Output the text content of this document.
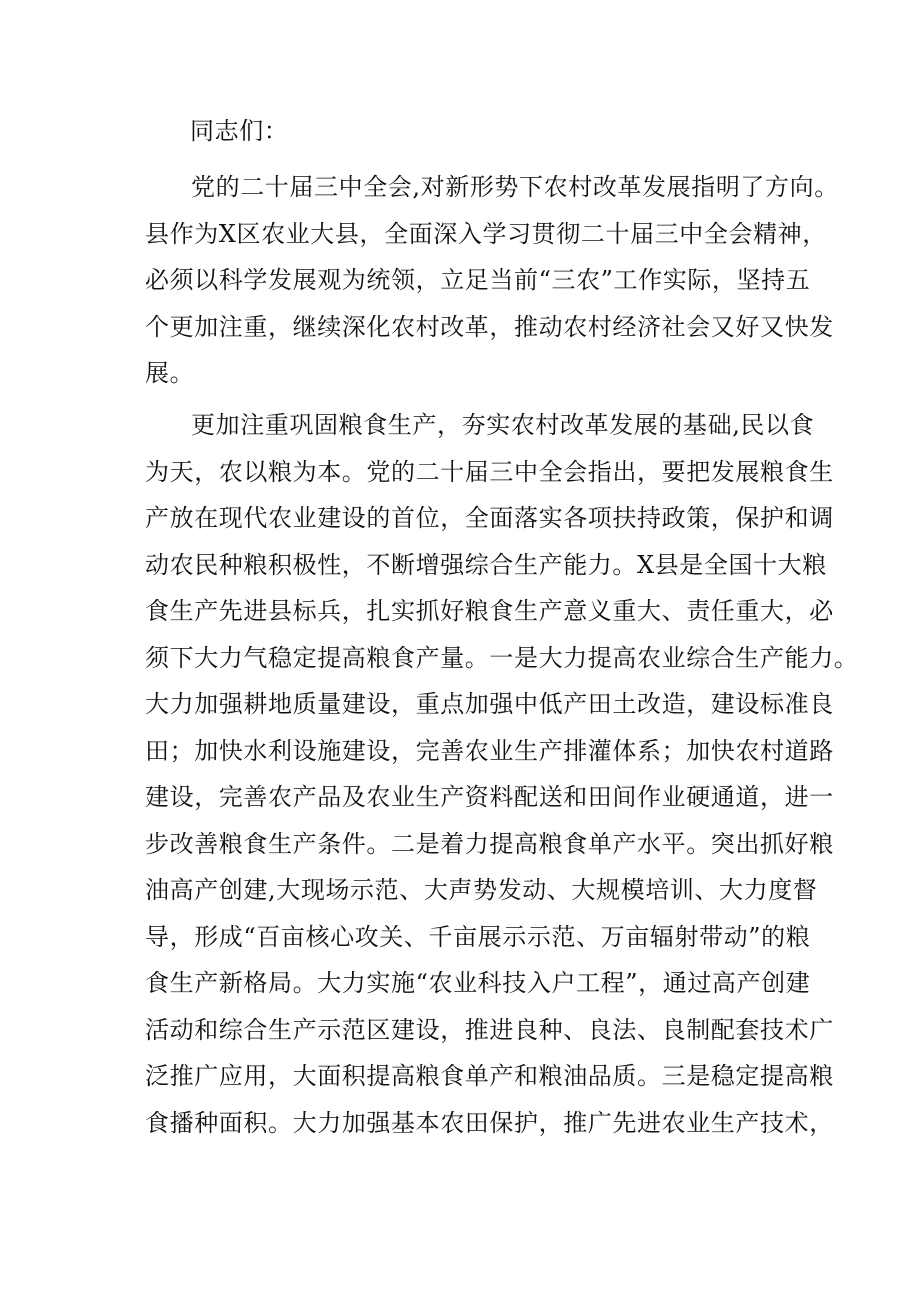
同志们：
党的二十届三中全会,对新形势下农村改革发展指明了方向。
县作为X区农业大县，全面深入学习贯彻二十届三中全会精神，
必须以科学发展观为统领，立足当前“三农”工作实际，坚持五
个更加注重，继续深化农村改革，推动农村经济社会又好又快发
展。
更加注重巩固粮食生产，夯实农村改革发展的基础,民以食
为天，农以粮为本。党的二十届三中全会指出，要把发展粮食生
产放在现代农业建设的首位，全面落实各项扶持政策，保护和调
动农民种粮积极性，不断增强综合生产能力。X县是全国十大粮
食生产先进县标兵，扎实抓好粮食生产意义重大、责任重大，必
须下大力气稳定提高粮食产量。一是大力提高农业综合生产能力。
大力加强耕地质量建设，重点加强中低产田土改造，建设标准良
田；加快水利设施建设，完善农业生产排灌体系；加快农村道路
建设，完善农产品及农业生产资料配送和田间作业硬通道，进一
步改善粮食生产条件。二是着力提高粮食单产水平。突出抓好粮
油高产创建,大现场示范、大声势发动、大规模培训、大力度督
导，形成“百亩核心攻关、千亩展示示范、万亩辐射带动”的粮
食生产新格局。大力实施“农业科技入户工程”，通过高产创建
活动和综合生产示范区建设，推进良种、良法、良制配套技术广
泛推广应用，大面积提高粮食单产和粮油品质。三是稳定提高粮
食播种面积。大力加强基本农田保护，推广先进农业生产技术，
